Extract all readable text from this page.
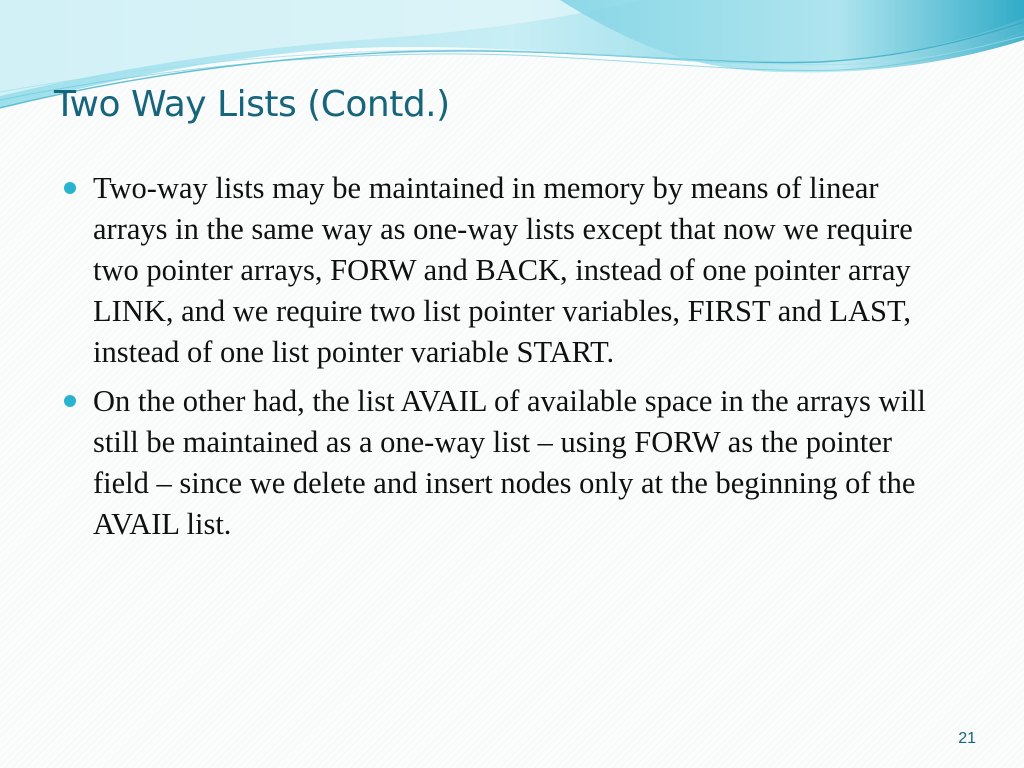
Two Way Lists (Contd.)
Two-way lists may be maintained in memory by means of linear arrays in the same way as one-way lists except that now we require two pointer arrays, FORW and BACK, instead of one pointer array LINK, and we require two list pointer variables, FIRST and LAST, instead of one list pointer variable START.
On the other had, the list AVAIL of available space in the arrays will still be maintained as a one-way list – using FORW as the pointer field – since we delete and insert nodes only at the beginning of the AVAIL list.
21
